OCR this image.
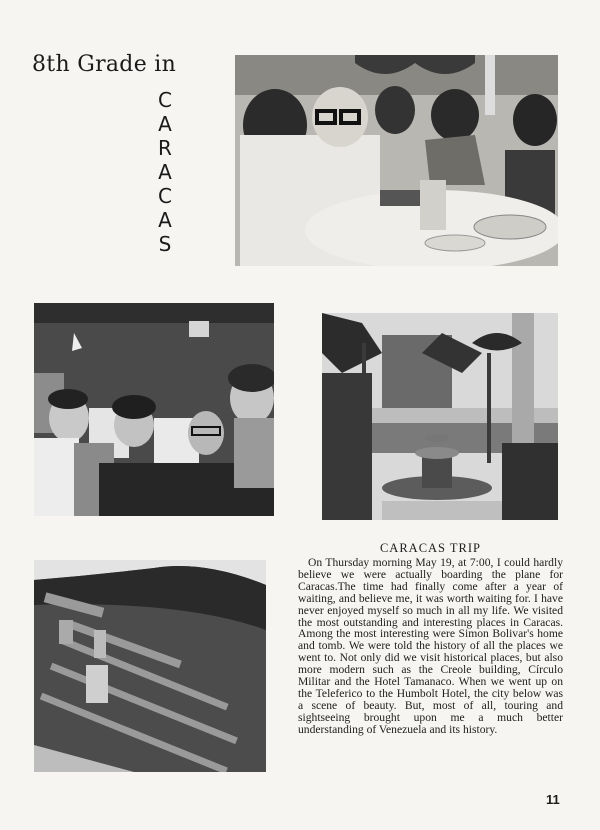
8th Grade in
C
A
R
A
C
A
S
CARACAS TRIP

On Thursday morning May 19, at 7:00, I could hardly believe we were actually boarding the plane for Caracas.The time had finally come after a year of waiting, and believe me, it was worth waiting for. I have never enjoyed myself so much in all my life. We visited the most outstanding and interesting places in Caracas. Among the most interesting were Simon Bolivar's home and tomb. We were told the history of all the places we went to. Not only did we visit historical places, but also more modern such as the Creole building, Círculo Militar and the Hotel Tamanaco. When we went up on the Teleferico to the Humbolt Hotel, the city below was a scene of beauty. But, most of all, touring and sightseeing brought upon me a much better understanding of Venezuela and its history.

11
